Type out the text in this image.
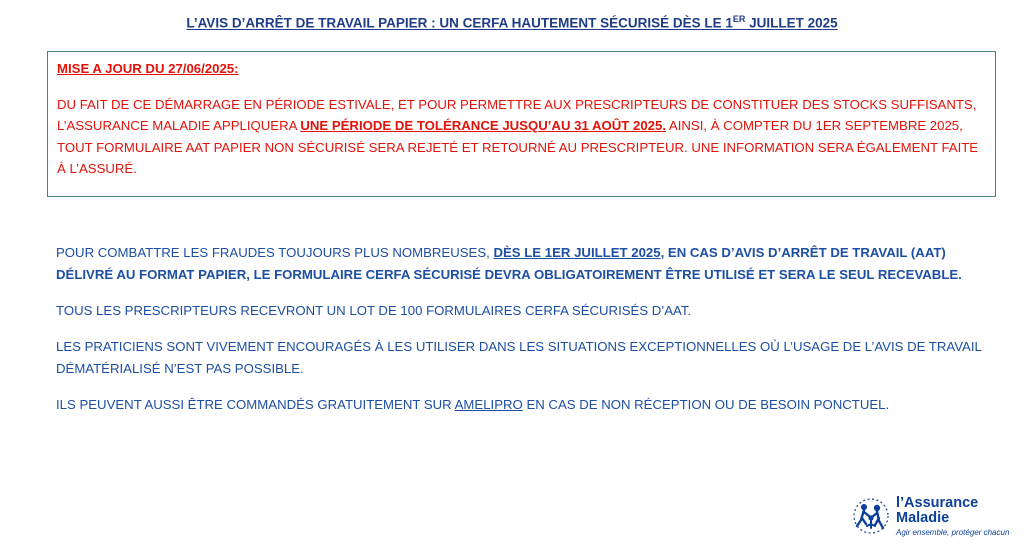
L’AVIS D’ARRÊT DE TRAVAIL PAPIER : UN CERFA HAUTEMENT SÉCURISÉ DÈS LE 1ER JUILLET 2025
MISE A JOUR DU 27/06/2025:
DU FAIT DE CE DÉMARRAGE EN PÉRIODE ESTIVALE, ET POUR PERMETTRE AUX PRESCRIPTEURS DE CONSTITUER DES STOCKS SUFFISANTS, L’ASSURANCE MALADIE APPLIQUERA UNE PÉRIODE DE TOLÉRANCE JUSQU’AU 31 AOÛT 2025. AINSI, À COMPTER DU 1ER SEPTEMBRE 2025, TOUT FORMULAIRE AAT PAPIER NON SÉCURISÉ SERA REJETÉ ET RETOURNÉ AU PRESCRIPTEUR. UNE INFORMATION SERA ÉGALEMENT FAITE À L’ASSURÉ.

POUR COMBATTRE LES FRAUDES TOUJOURS PLUS NOMBREUSES, DÈS LE 1ER JUILLET 2025, EN CAS D’AVIS D’ARRÊT DE TRAVAIL (AAT) DÉLIVRÉ AU FORMAT PAPIER, LE FORMULAIRE CERFA SÉCURISÉ DEVRA OBLIGATOIREMENT ÊTRE UTILISÉ ET SERA LE SEUL RECEVABLE.

TOUS LES PRESCRIPTEURS RECEVRONT UN LOT DE 100 FORMULAIRES CERFA SÉCURISÉS D’AAT.

LES PRATICIENS SONT VIVEMENT ENCOURAGÉS À LES UTILISER DANS LES SITUATIONS EXCEPTIONNELLES OÙ L’USAGE DE L’AVIS DE TRAVAIL DÉMATÉRIALISÉ N’EST PAS POSSIBLE.

ILS PEUVENT AUSSI ÊTRE COMMANDÉS GRATUITEMENT SUR AMELIPRO EN CAS DE NON RÉCEPTION OU DE BESOIN PONCTUEL.

l’Assurance
Maladie
Agir ensemble, protéger chacun
